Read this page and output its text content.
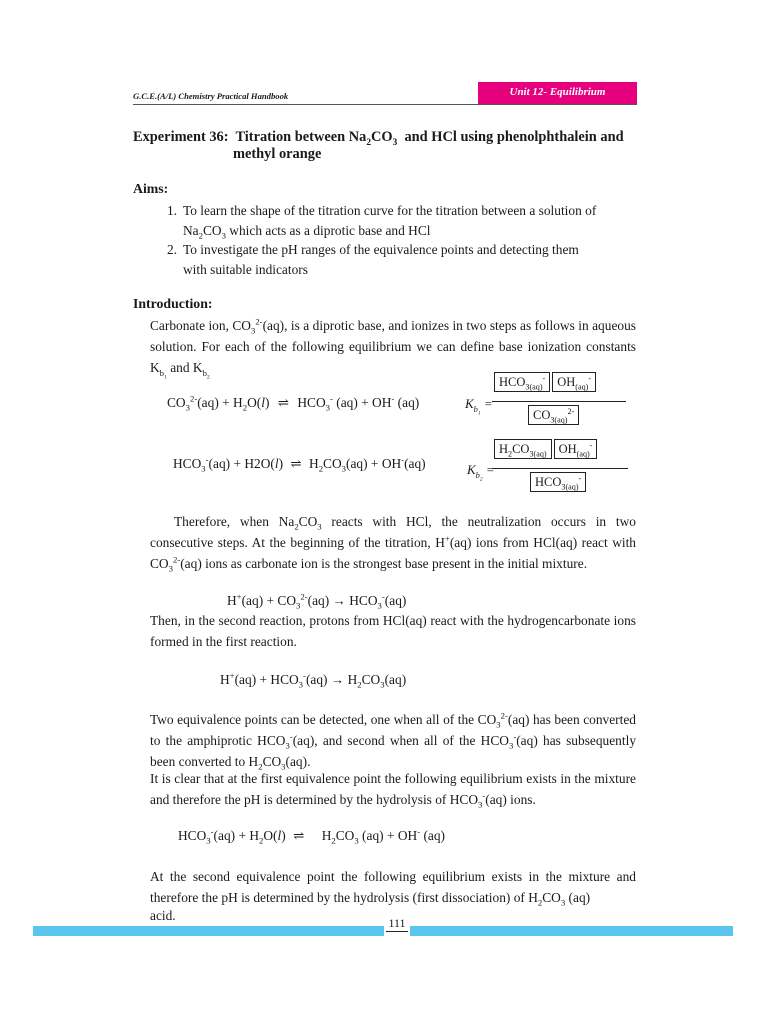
G.C.E.(A/L) Chemistry Practical Handbook	Unit 12- Equilibrium
Experiment 36: Titration between $Na_2CO_3$  and HCl using phenolphthalein and
methyl orange
Aims:
1. To learn the shape of the titration curve for the titration between a solution of
$Na_2CO_3$ which acts as a diprotic base and HCl
2. To investigate the pH ranges of the equivalence points and detecting them
with suitable indicators
Introduction:
Carbonate ion, $CO_3^{2-}(aq)$, is a diprotic base, and ionizes in two steps as follows in aqueous solution. For each of the following equilibrium we can define base ionization constants $K_{b_1}$ and $K_{b_2}$
$CO_3^{2-}(aq) + H_2O(l)$ ⇌ $HCO_3^-$ (aq) + OH- (aq)	$K_{b_1}$ =
$HCO_{3(aq)}^-$ $OH_{(aq)}^-$
$CO_{3(aq)}^{2-}$
$HCO_3^-(aq) + H2O(l)$ ⇌ $H_2CO_3(aq) + OH^-(aq)$	$K_{b_2}$ =
$H_2CO_{3(aq)}$ $OH_{(aq)}^-$
$HCO_{3(aq)}^-$
Therefore, when $Na_2CO_3$ reacts with HCl, the neutralization occurs in two consecutive steps. At the beginning of the titration, H+(aq) ions from HCl(aq) react with $CO_3^{2-}(aq)$ ions as carbonate ion is the strongest base present in the initial mixture.
$H^+(aq) + CO_3^{2-}(aq) \to HCO_3^-(aq)$
Then, in the second reaction, protons from HCl(aq) react with the hydrogencarbonate ions formed in the first reaction.
$H^+(aq) + HCO_3^-(aq) \to H_2CO_3(aq)$
Two equivalence points can be detected, one when all of the $CO_3^{2-}(aq)$ has been converted to the amphiprotic $HCO_3^-(aq)$, and second when all of the $HCO_3^-(aq)$ has subsequently been converted to $H_2CO_3(aq)$.
It is clear that at the first equivalence point the following equilibrium exists in the mixture and therefore the pH is determined by the hydrolysis of $HCO_3^-(aq)$ ions.
$HCO_3^-(aq) + H_2O(l)$ ⇌ $H_2CO_3$ (aq) + OH- (aq)
At the second equivalence point the following equilibrium exists in the mixture and therefore the pH is determined by the hydrolysis (first dissociation) of $H_2CO_3$ (aq)
acid.	111
